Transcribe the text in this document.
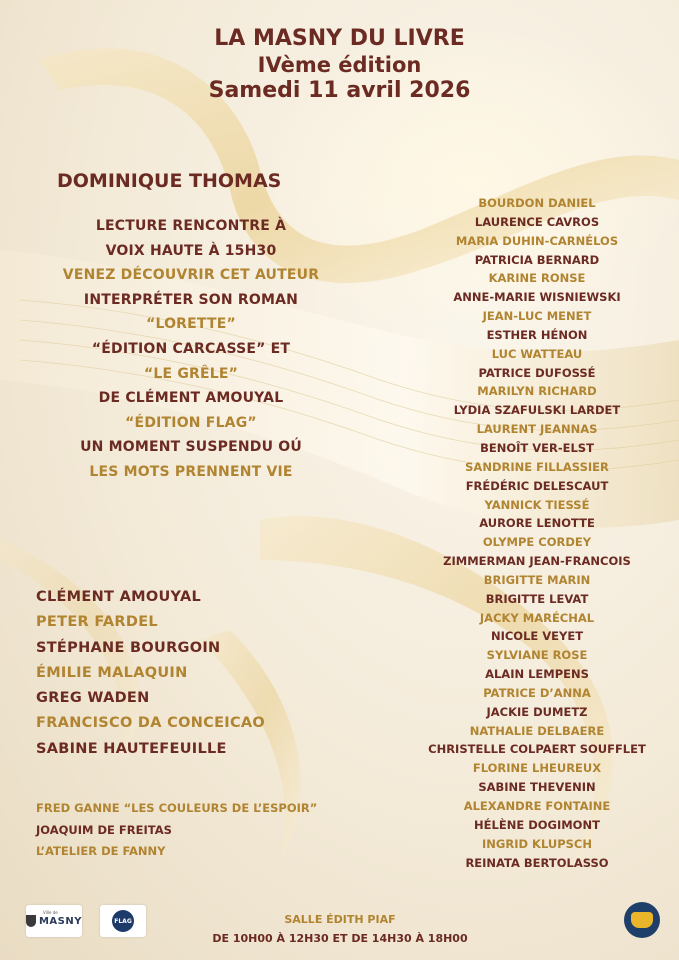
LA MASNY DU LIVRE
IVème édition
Samedi 11 avril 2026
DOMINIQUE THOMAS
LECTURE RENCONTRE À
VOIX HAUTE À 15H30
VENEZ DÉCOUVRIR CET AUTEUR
INTERPRÉTER SON ROMAN
“LORETTE”
“ÉDITION CARCASSE” ET
“LE GRÊLE”
DE CLÉMENT AMOUYAL
“ÉDITION FLAG”
UN MOMENT SUSPENDU OÚ
LES MOTS PRENNENT VIE
BOURDON DANIEL
LAURENCE CAVROS
MARIA DUHIN-CARNÉLOS
PATRICIA BERNARD
KARINE RONSE
ANNE-MARIE WISNIEWSKI
JEAN-LUC MENET
ESTHER HÉNON
LUC WATTEAU
PATRICE DUFOSSÉ
MARILYN RICHARD
LYDIA SZAFULSKI LARDET
LAURENT JEANNAS
BENOÎT VER-ELST
SANDRINE FILLASSIER
FRÉDÉRIC DELESCAUT
YANNICK TIESSÉ
AURORE LENOTTE
OLYMPE CORDEY
ZIMMERMAN JEAN-FRANCOIS
BRIGITTE MARIN
BRIGITTE LEVAT
JACKY MARÉCHAL
NICOLE VEYET
SYLVIANE ROSE
ALAIN LEMPENS
PATRICE D’ANNA
JACKIE DUMETZ
NATHALIE DELBAERE
CHRISTELLE COLPAERT SOUFFLET
FLORINE LHEUREUX
SABINE THEVENIN
ALEXANDRE FONTAINE
HÉLÈNE DOGIMONT
INGRID KLUPSCH
REINATA BERTOLASSO
CLÉMENT AMOUYAL
PETER FARDEL
STÉPHANE BOURGOIN
ÉMILIE MALAQUIN
GREG WADEN
FRANCISCO DA CONCEICAO
SABINE HAUTEFEUILLE
FRED GANNE “LES COULEURS DE L’ESPOIR”
JOAQUIM DE FREITAS
L’ATELIER DE FANNY
SALLE ÉDITH PIAF
DE 10H00 À 12H30 ET DE 14H30 À 18H00
Ville de
MASNY	FLAG
